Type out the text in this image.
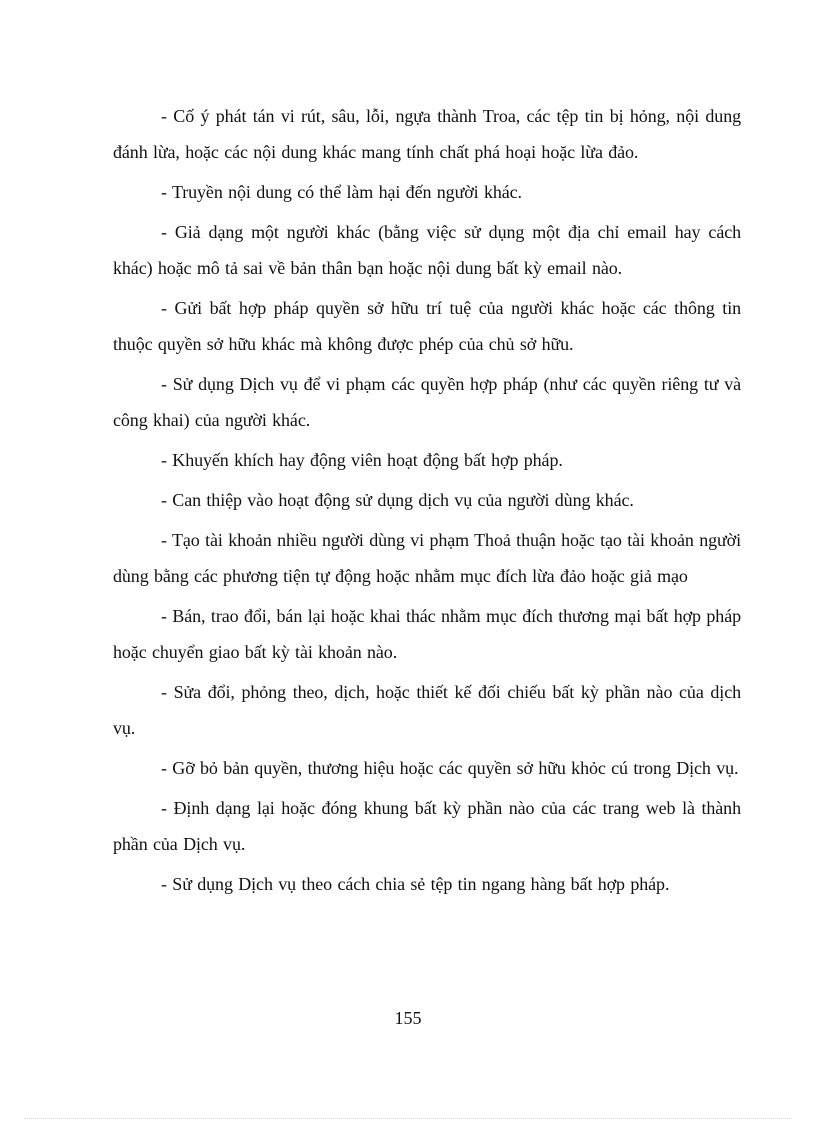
- Cố ý phát tán vi rút, sâu, lỗi, ngựa thành Troa, các tệp tin bị hỏng, nội dung đánh lừa, hoặc các nội dung khác mang tính chất phá hoại hoặc lừa đảo.

- Truyền nội dung có thể làm hại đến người khác.

- Giả dạng một người khác (bằng việc sử dụng một địa chỉ email hay cách khác) hoặc mô tả sai về bản thân bạn hoặc nội dung bất kỳ email nào.

- Gửi bất hợp pháp quyền sở hữu trí tuệ của người khác hoặc các thông tin thuộc quyền sở hữu khác mà không được phép của chủ sở hữu.

- Sử dụng Dịch vụ để vi phạm các quyền hợp pháp (như các quyền riêng tư và công khai) của người khác.

- Khuyến khích hay động viên hoạt động bất hợp pháp.

- Can thiệp vào hoạt động sử dụng dịch vụ của người dùng khác.

- Tạo tài khoản nhiều người dùng vi phạm Thoả thuận hoặc tạo tài khoản người dùng bằng các phương tiện tự động hoặc nhằm mục đích lừa đảo hoặc giả mạo

- Bán, trao đổi, bán lại hoặc khai thác nhằm mục đích thương mại bất hợp pháp hoặc chuyển giao bất kỳ tài khoản nào.

- Sửa đổi, phỏng theo, dịch, hoặc thiết kế đối chiếu bất kỳ phần nào của dịch vụ.

- Gỡ bỏ bản quyền, thương hiệu hoặc các quyền sở hữu khỏc cú trong Dịch vụ.

- Định dạng lại hoặc đóng khung bất kỳ phần nào của các trang web là thành phần của Dịch vụ.

- Sử dụng Dịch vụ theo cách chia sẻ tệp tin ngang hàng bất hợp pháp.

155
